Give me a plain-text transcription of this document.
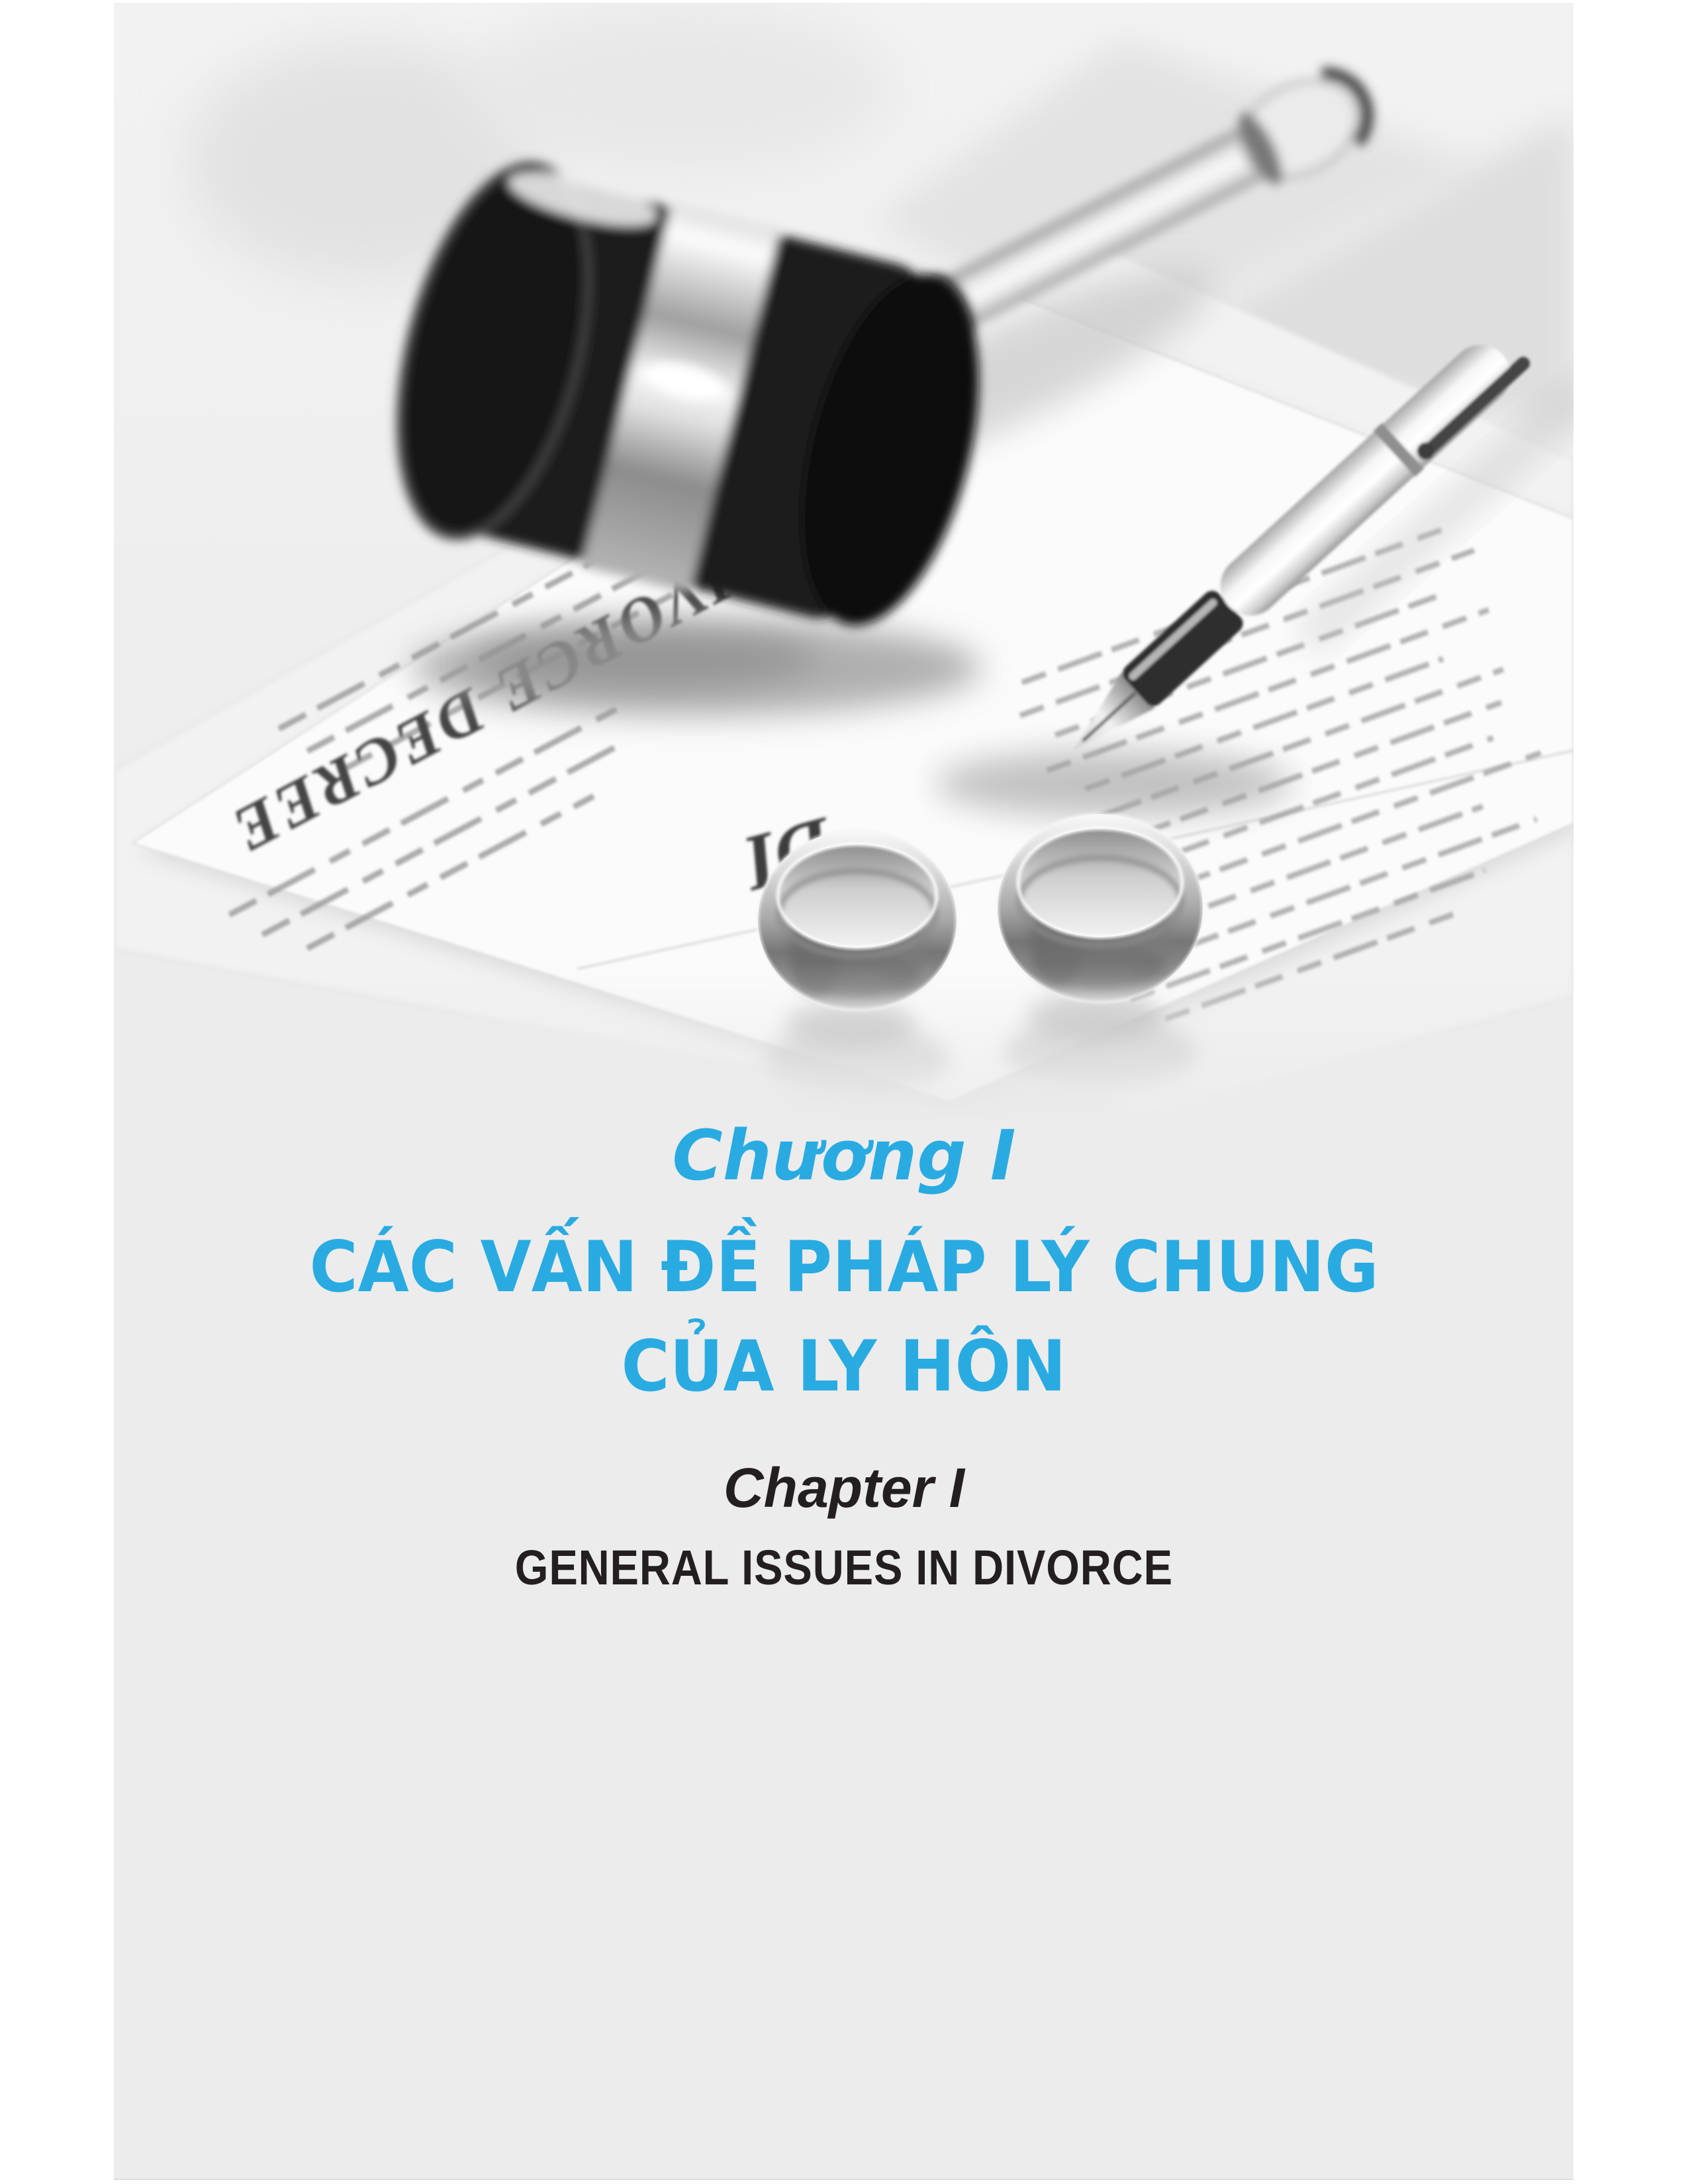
DECREE
Chương I
CÁC VẤN ĐỀ PHÁP LÝ CHUNG
CỦA LY HÔN
Chapter I
GENERAL ISSUES IN DIVORCE
